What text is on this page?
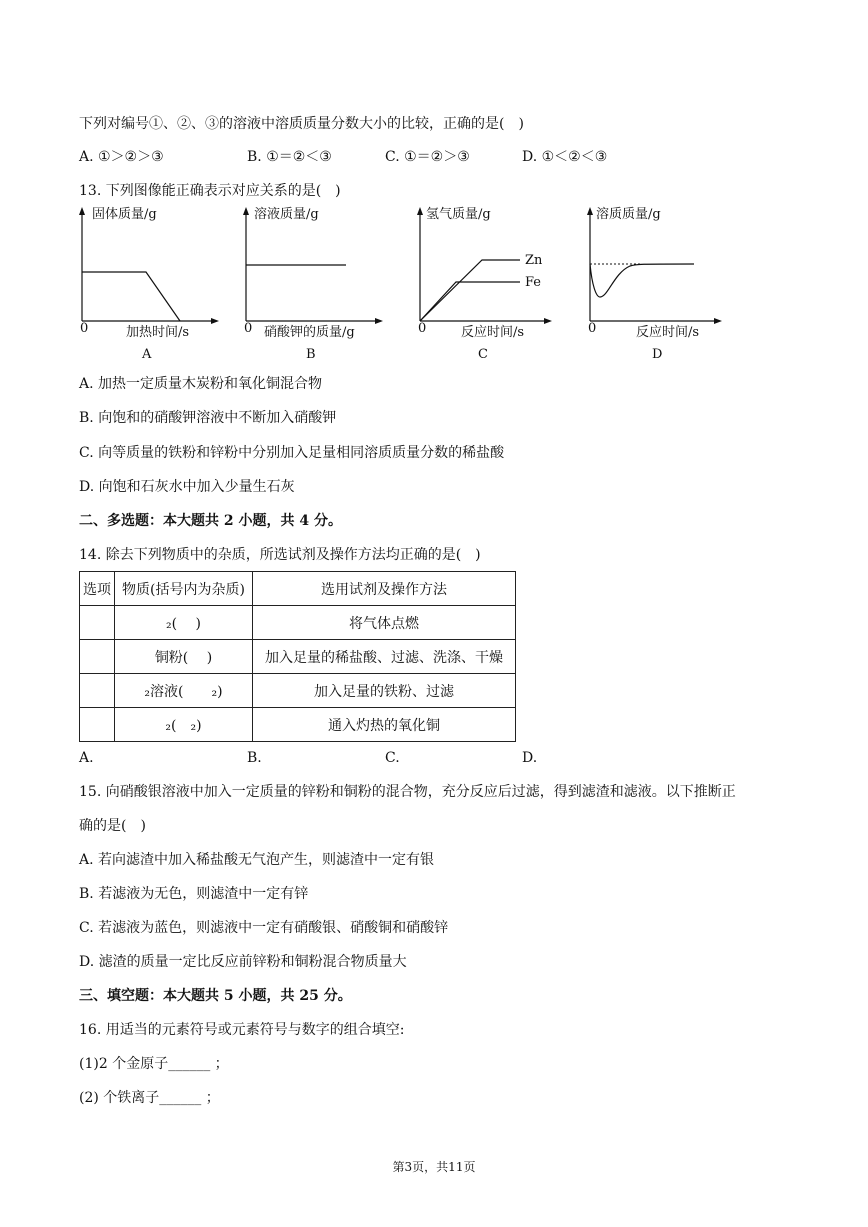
下列对编号①、②、③的溶液中溶质质量分数大小的比较，正确的是(　)
A. ①＞②＞③	B. ①＝②＜③	C. ①＝②＞③	D. ①＜②＜③
13. 下列图像能正确表示对应关系的是(　)
固体质量/g
0	加热时间/s
A
溶液质量/g
0 硝酸钾的质量/g
B
氢气质量/g
Zn
Fe
0	反应时间/s
C
溶质质量/g
0	反应时间/s
D
A. 加热一定质量木炭粉和氧化铜混合物
B. 向饱和的硝酸钾溶液中不断加入硝酸钾
C. 向等质量的铁粉和锌粉中分别加入足量相同溶质质量分数的稀盐酸
D. 向饱和石灰水中加入少量生石灰
二、多选题：本大题共 2 小题，共 4 分。
14. 除去下列物质中的杂质，所选试剂及操作方法均正确的是(　)
选项	物质(括号内为杂质)	选用试剂及操作方法
	₂(　 )	将气体点燃
	铜粉(　 )	加入足量的稀盐酸、过滤、洗涤、干燥
	₂溶液(　　₂)	加入足量的铁粉、过滤
	₂(　₂)	通入灼热的氧化铜
A.	B.	C.	D.
15. 向硝酸银溶液中加入一定质量的锌粉和铜粉的混合物，充分反应后过滤，得到滤渣和滤液。以下推断正
确的是(　)
A. 若向滤渣中加入稀盐酸无气泡产生，则滤渣中一定有银
B. 若滤液为无色，则滤渣中一定有锌
C. 若滤液为蓝色，则滤液中一定有硝酸银、硝酸铜和硝酸锌
D. 滤渣的质量一定比反应前锌粉和铜粉混合物质量大
三、填空题：本大题共 5 小题，共 25 分。
16. 用适当的元素符号或元素符号与数字的组合填空:
(1)2 个金原子______ ；
(2) 个铁离子______ ；
第3页，共11页
